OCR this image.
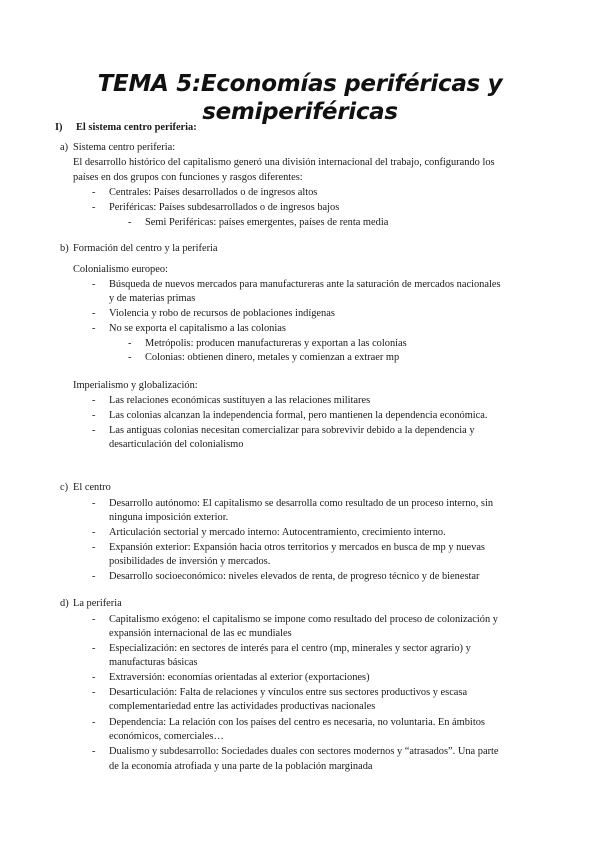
TEMA 5:Economías periféricas y semiperiféricas
I) El sistema centro periferia:
a) Sistema centro periferia:
El desarrollo histórico del capitalismo generó una división internacional del trabajo, configurando los
países en dos grupos con funciones y rasgos diferentes:
- Centrales: Países desarrollados o de ingresos altos
- Periféricas: Países subdesarrollados o de ingresos bajos
- Semi Periféricas: países emergentes, países de renta media
b) Formación del centro y la periferia
Colonialismo europeo:
- Búsqueda de nuevos mercados para manufactureras ante la saturación de mercados nacionales
y de materias primas
- Violencia y robo de recursos de poblaciones indígenas
- No se exporta el capitalismo a las colonias
- Metrópolis: producen manufactureras y exportan a las colonias
- Colonias: obtienen dinero, metales y comienzan a extraer mp
Imperialismo y globalización:
- Las relaciones económicas sustituyen a las relaciones militares
- Las colonias alcanzan la independencia formal, pero mantienen la dependencia económica.
- Las antiguas colonias necesitan comercializar para sobrevivir debido a la dependencia y
desarticulación del colonialismo
c) El centro
- Desarrollo autónomo: El capitalismo se desarrolla como resultado de un proceso interno, sin
ninguna imposición exterior.
- Articulación sectorial y mercado interno: Autocentramiento, crecimiento interno.
- Expansión exterior: Expansión hacia otros territorios y mercados en busca de mp y nuevas
posibilidades de inversión y mercados.
- Desarrollo socioeconómico: niveles elevados de renta, de progreso técnico y de bienestar
d) La periferia
- Capitalismo exógeno: el capitalismo se impone como resultado del proceso de colonización y
expansión internacional de las ec mundiales
- Especialización: en sectores de interés para el centro (mp, minerales y sector agrario) y
manufacturas básicas
- Extraversión: economías orientadas al exterior (exportaciones)
- Desarticulación: Falta de relaciones y vínculos entre sus sectores productivos y escasa
complementariedad entre las actividades productivas nacionales
- Dependencia: La relación con los países del centro es necesaria, no voluntaria. En ámbitos
económicos, comerciales…
- Dualismo y subdesarrollo: Sociedades duales con sectores modernos y “atrasados”. Una parte
de la economía atrofiada y una parte de la población marginada
